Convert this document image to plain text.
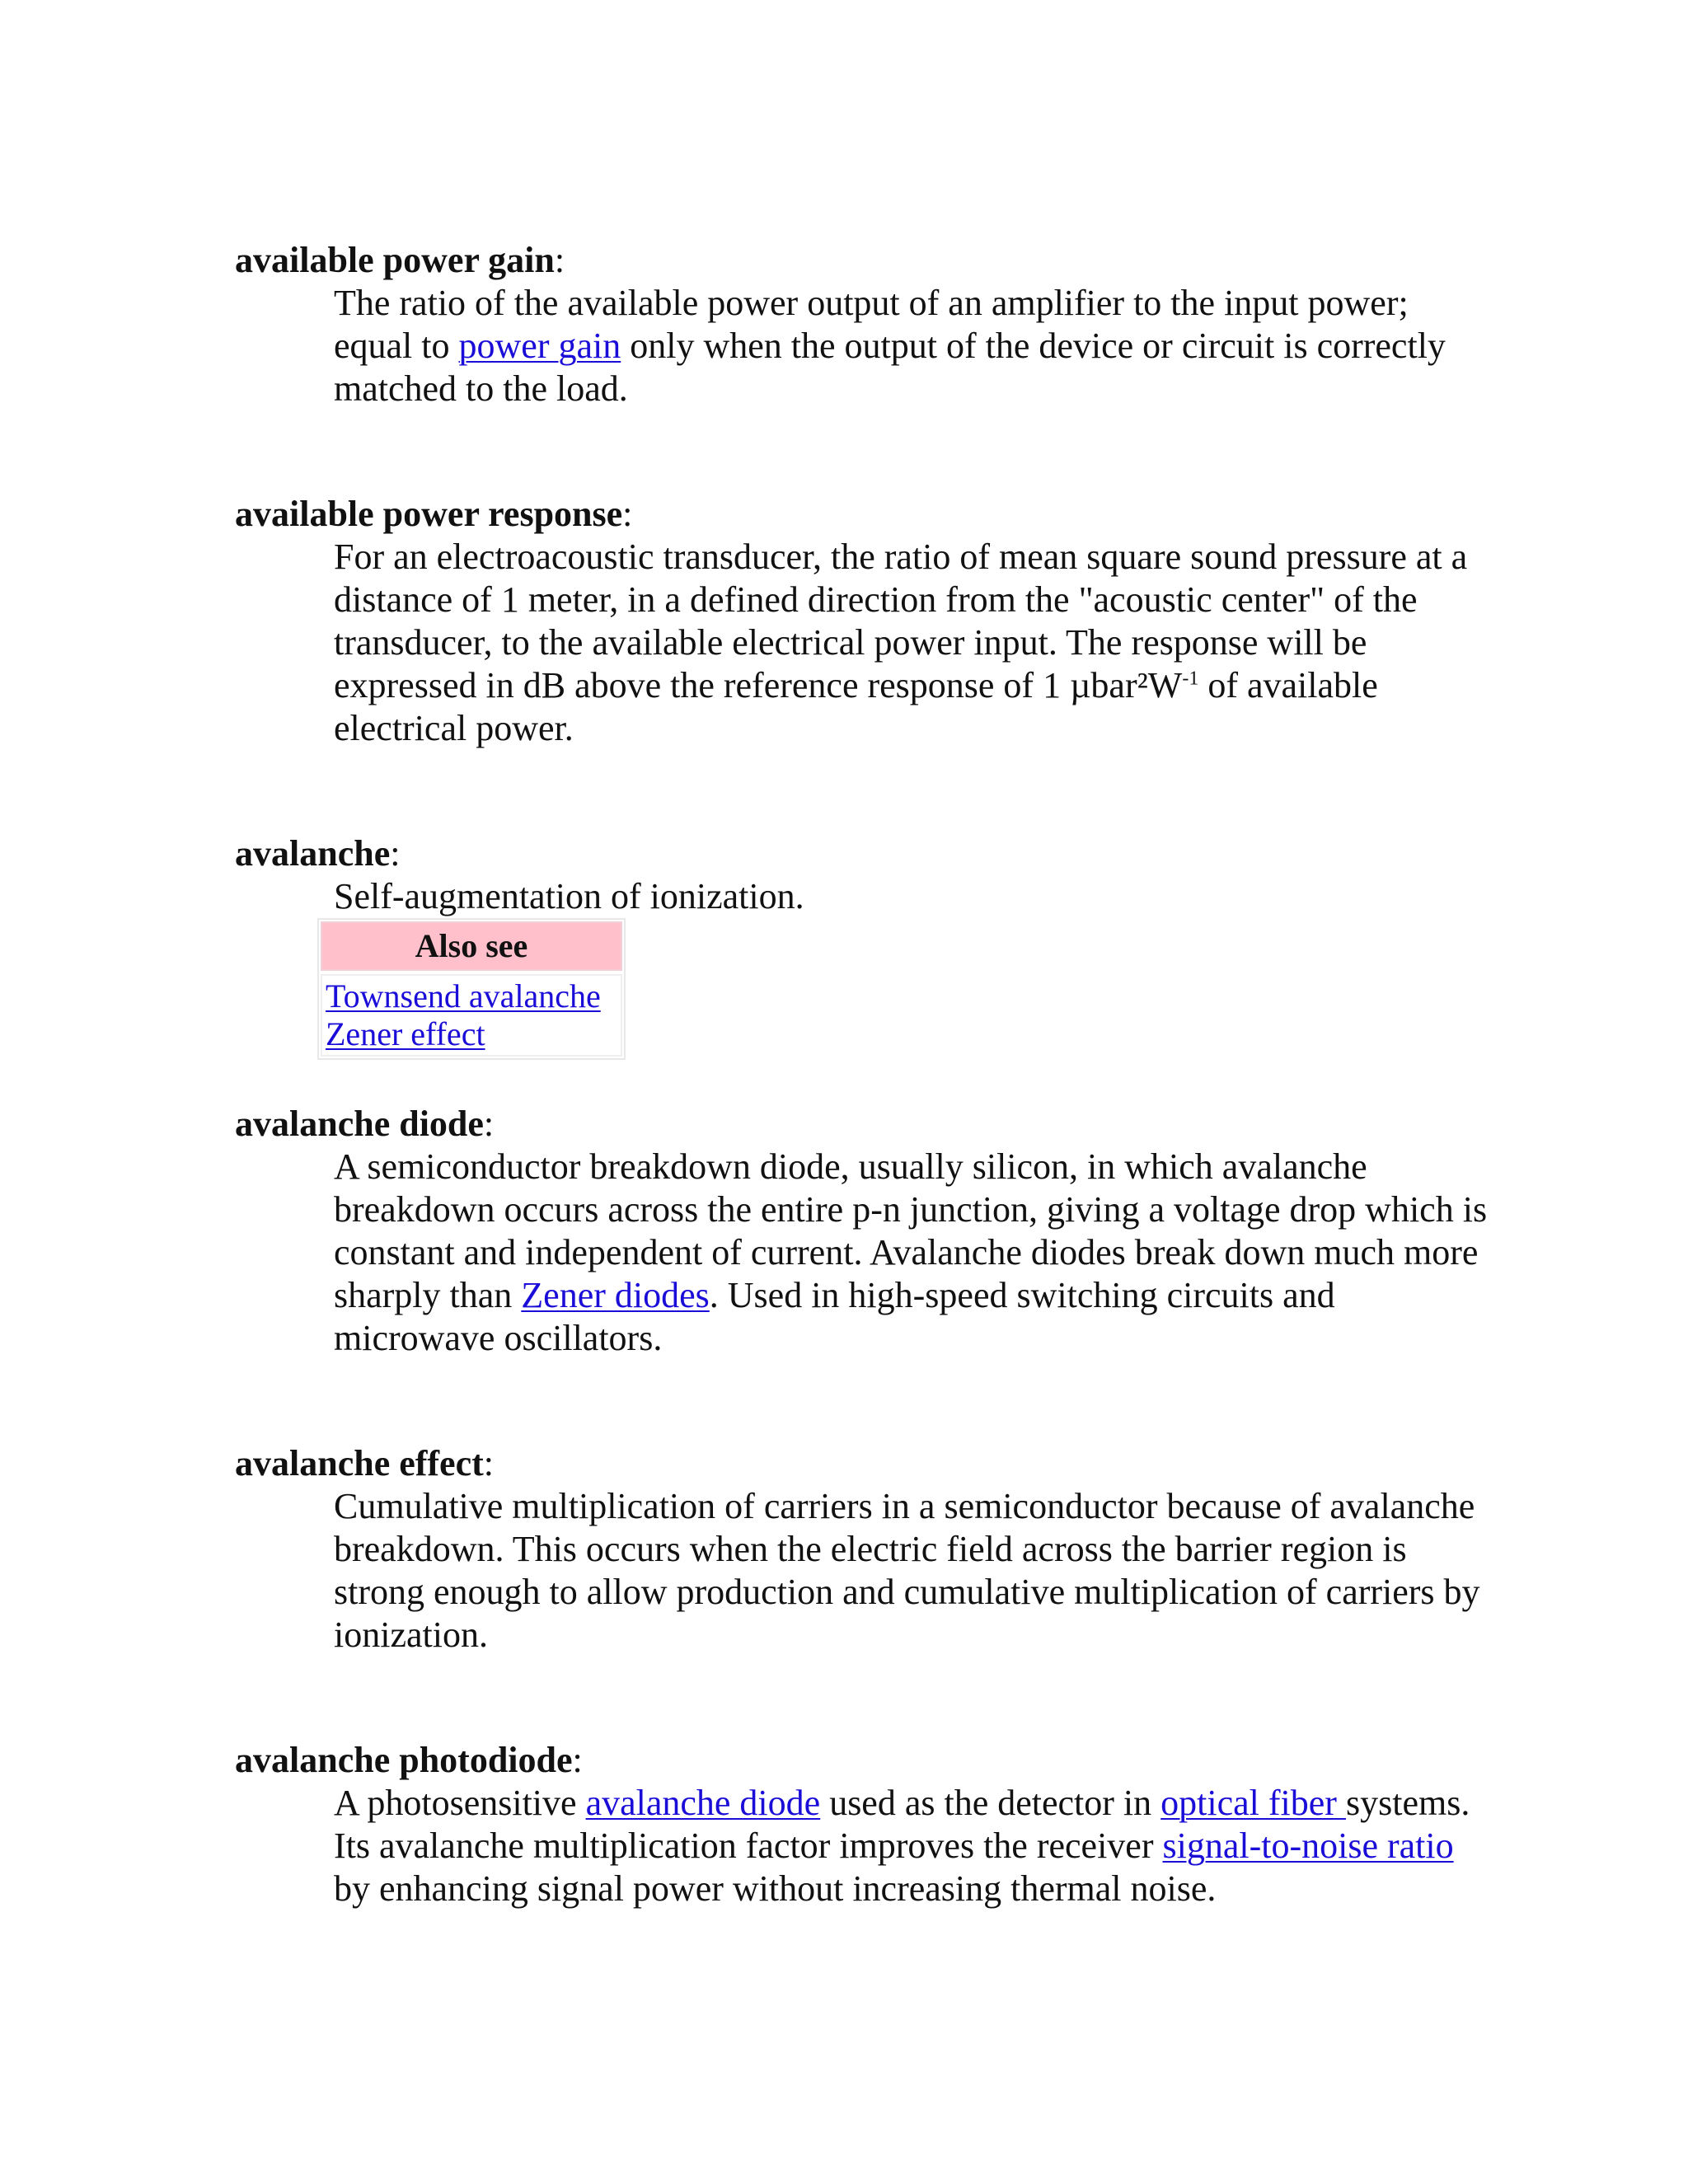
available power gain:
The ratio of the available power output of an amplifier to the input power; equal to power gain only when the output of the device or circuit is correctly matched to the load.
available power response:
For an electroacoustic transducer, the ratio of mean square sound pressure at a distance of 1 meter, in a defined direction from the "acoustic center" of the transducer, to the available electrical power input. The response will be expressed in dB above the reference response of 1 $\mu bar^2W^{-1}$ of available electrical power.
avalanche:
Self-augmentation of ionization.
Also see
Townsend avalanche
Zener effect
avalanche diode:
A semiconductor breakdown diode, usually silicon, in which avalanche breakdown occurs across the entire p-n junction, giving a voltage drop which is constant and independent of current. Avalanche diodes break down much more sharply than Zener diodes. Used in high-speed switching circuits and microwave oscillators.
avalanche effect:
Cumulative multiplication of carriers in a semiconductor because of avalanche breakdown. This occurs when the electric field across the barrier region is strong enough to allow production and cumulative multiplication of carriers by ionization.
avalanche photodiode:
A photosensitive avalanche diode used as the detector in optical fiber systems. Its avalanche multiplication factor improves the receiver signal-to-noise ratio by enhancing signal power without increasing thermal noise.
